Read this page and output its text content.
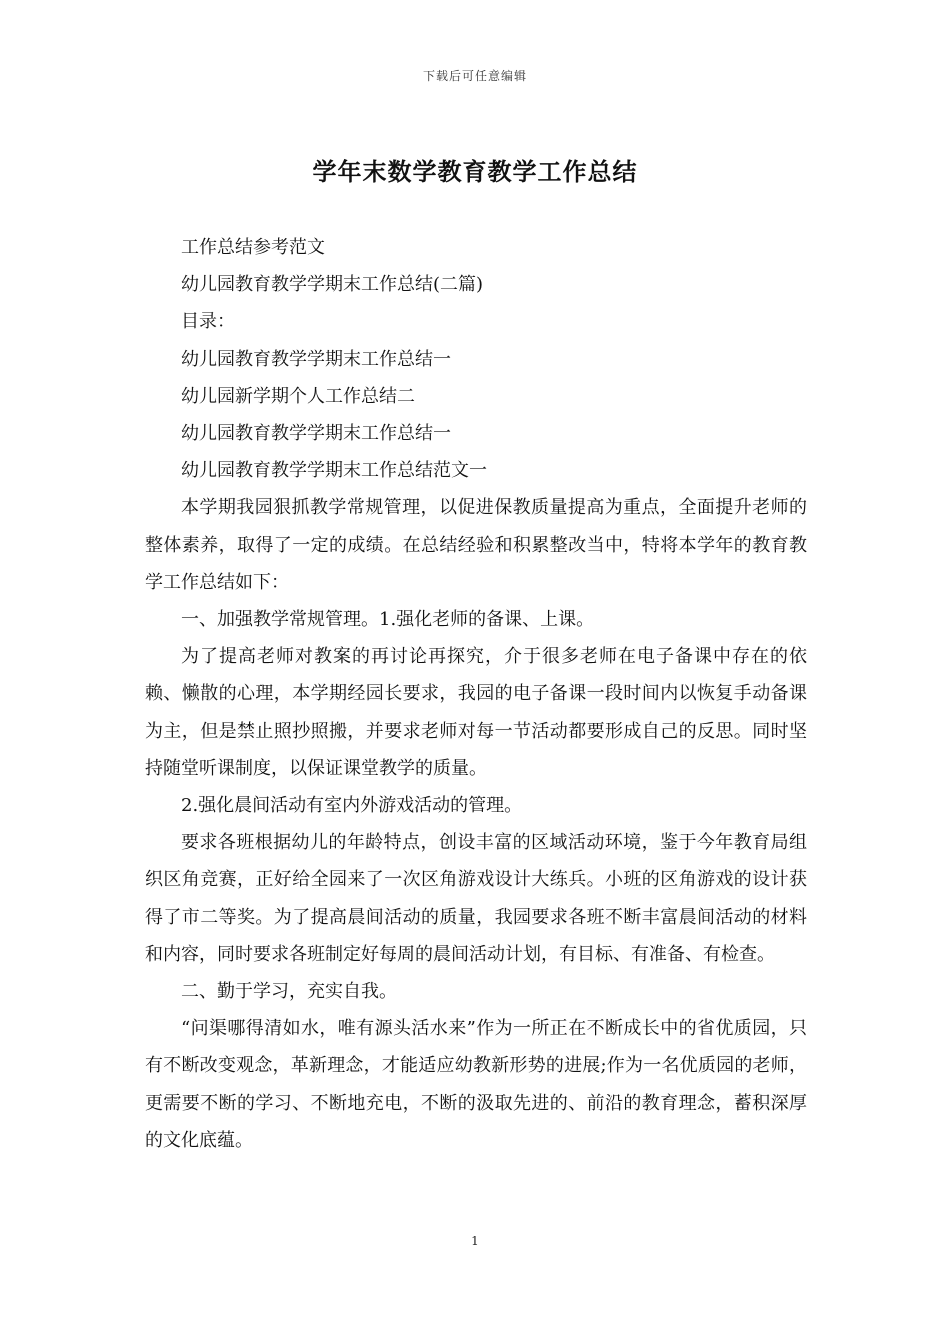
下载后可任意编辑
学年末数学教育教学工作总结

工作总结参考范文

幼儿园教育教学学期末工作总结(二篇)

目录：

幼儿园教育教学学期末工作总结一

幼儿园新学期个人工作总结二

幼儿园教育教学学期末工作总结一

幼儿园教育教学学期末工作总结范文一

本学期我园狠抓教学常规管理，以促进保教质量提高为重点，全面提升老师的整体素养，取得了一定的成绩。在总结经验和积累整改当中，特将本学年的教育教学工作总结如下：

一、加强教学常规管理。1.强化老师的备课、上课。

为了提高老师对教案的再讨论再探究，介于很多老师在电子备课中存在的依赖、懒散的心理，本学期经园长要求，我园的电子备课一段时间内以恢复手动备课为主，但是禁止照抄照搬，并要求老师对每一节活动都要形成自己的反思。同时坚持随堂听课制度，以保证课堂教学的质量。

2.强化晨间活动有室内外游戏活动的管理。

要求各班根据幼儿的年龄特点，创设丰富的区域活动环境，鉴于今年教育局组织区角竞赛，正好给全园来了一次区角游戏设计大练兵。小班的区角游戏的设计获得了市二等奖。为了提高晨间活动的质量，我园要求各班不断丰富晨间活动的材料和内容，同时要求各班制定好每周的晨间活动计划，有目标、有准备、有检查。

二、勤于学习，充实自我。

“问渠哪得清如水，唯有源头活水来”作为一所正在不断成长中的省优质园，只有不断改变观念，革新理念，才能适应幼教新形势的进展;作为一名优质园的老师，更需要不断的学习、不断地充电，不断的汲取先进的、前沿的教育理念，蓄积深厚的文化底蕴。

1
